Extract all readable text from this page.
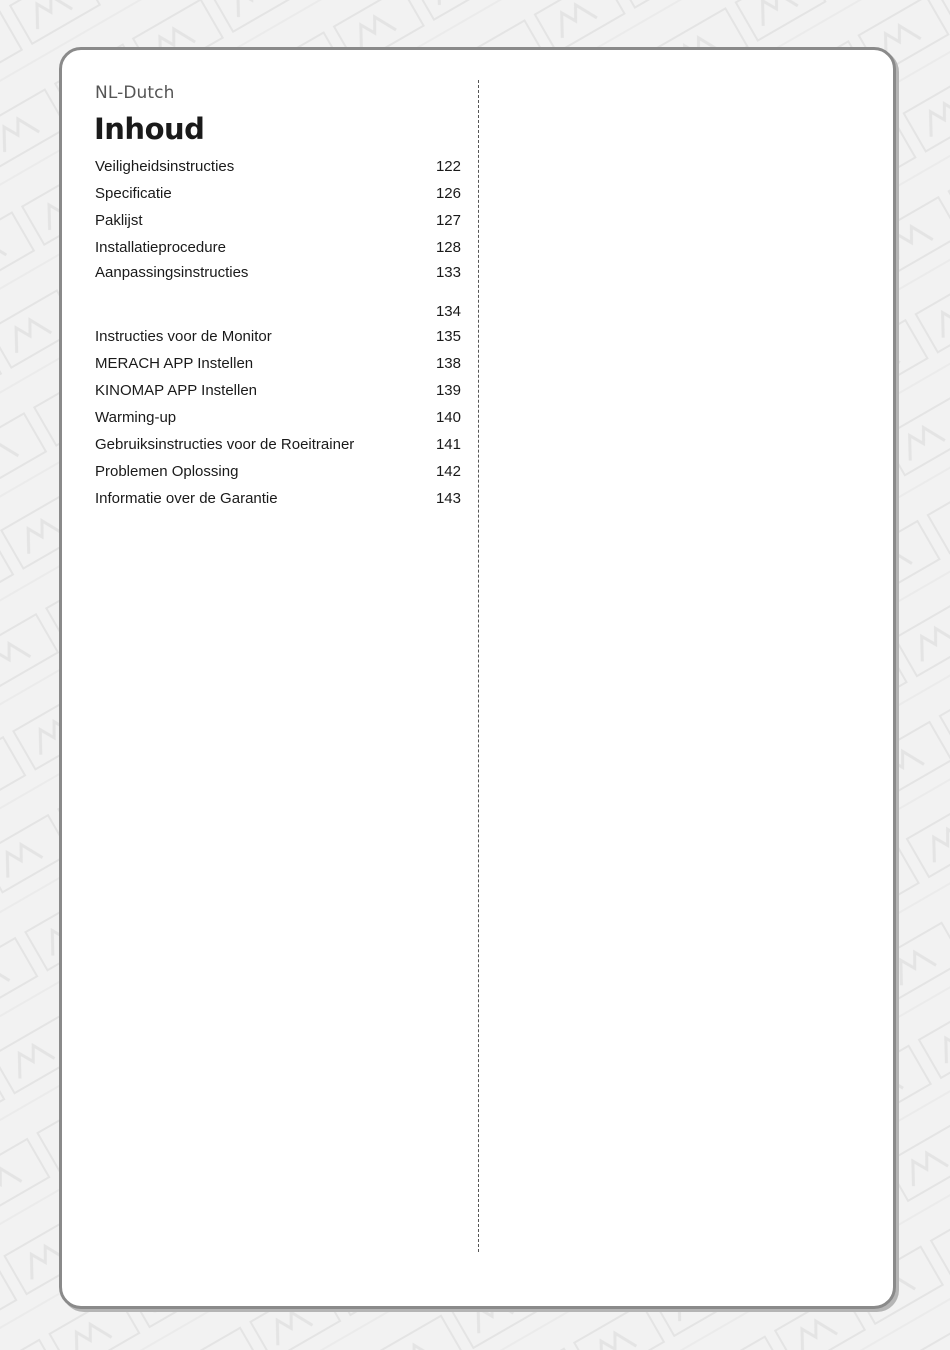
NL-Dutch
Inhoud
Veiligheidsinstructies	122
Specificatie	126
Paklijst	127
Installatieprocedure	128
Aanpassingsinstructies	133
134
Instructies voor de Monitor	135
MERACH APP Instellen	138
KINOMAP APP Instellen	139
Warming-up	140
Gebruiksinstructies voor de Roeitrainer	141
Problemen Oplossing	142
Informatie over de Garantie	143
